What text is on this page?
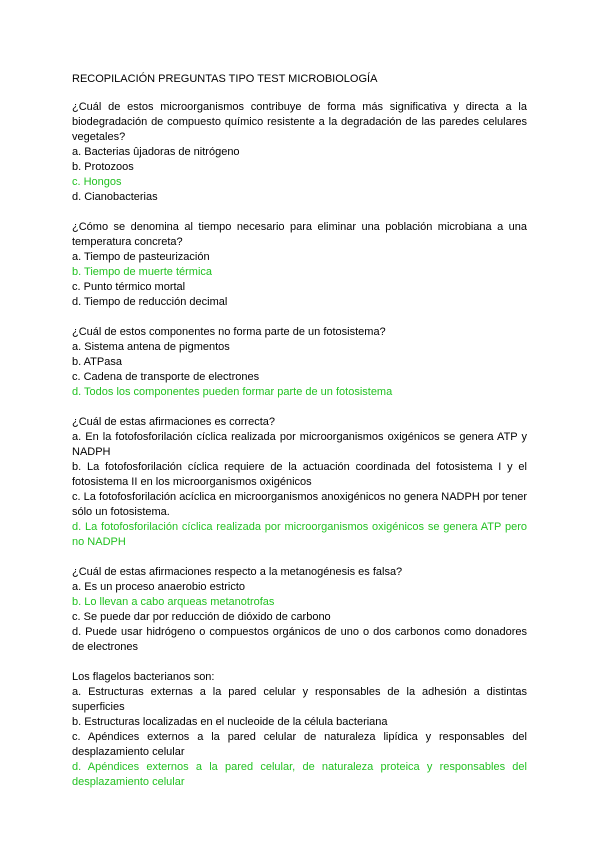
RECOPILACIÓN PREGUNTAS TIPO TEST MICROBIOLOGÍA

¿Cuál de estos microorganismos contribuye de forma más significativa y directa a la biodegradación de compuesto químico resistente a la degradación de las paredes celulares vegetales?

a. Bacterias ûjadoras de nitrógeno

b. Protozoos

c. Hongos

d. Cianobacterias

¿Cómo se denomina al tiempo necesario para eliminar una población microbiana a una temperatura concreta?

a. Tiempo de pasteurización

b. Tiempo de muerte térmica

c. Punto térmico mortal

d. Tiempo de reducción decimal

¿Cuál de estos componentes no forma parte de un fotosistema?

a. Sistema antena de pigmentos

b. ATPasa

c. Cadena de transporte de electrones

d. Todos los componentes pueden formar parte de un fotosistema

¿Cuál de estas afirmaciones es correcta?

a. En la fotofosforilación cíclica realizada por microorganismos oxigénicos se genera ATP y NADPH

b. La fotofosforilación cíclica requiere de la actuación coordinada del fotosistema I y el fotosistema II en los microorganismos oxigénicos

c. La fotofosforilación acíclica en microorganismos anoxigénicos no genera NADPH por tener sólo un fotosistema.

d. La fotofosforilación cíclica realizada por microorganismos oxigénicos se genera ATP pero no NADPH

¿Cuál de estas afirmaciones respecto a la metanogénesis es falsa?

a. Es un proceso anaerobio estricto

b. Lo llevan a cabo arqueas metanotrofas

c. Se puede dar por reducción de dióxido de carbono

d. Puede usar hidrógeno o compuestos orgánicos de uno o dos carbonos como donadores de electrones

Los flagelos bacterianos son:

a. Estructuras externas a la pared celular y responsables de la adhesión a distintas superficies

b. Estructuras localizadas en el nucleoide de la célula bacteriana

c. Apéndices externos a la pared celular de naturaleza lipídica y responsables del desplazamiento celular

d. Apéndices externos a la pared celular, de naturaleza proteica y responsables del desplazamiento celular
